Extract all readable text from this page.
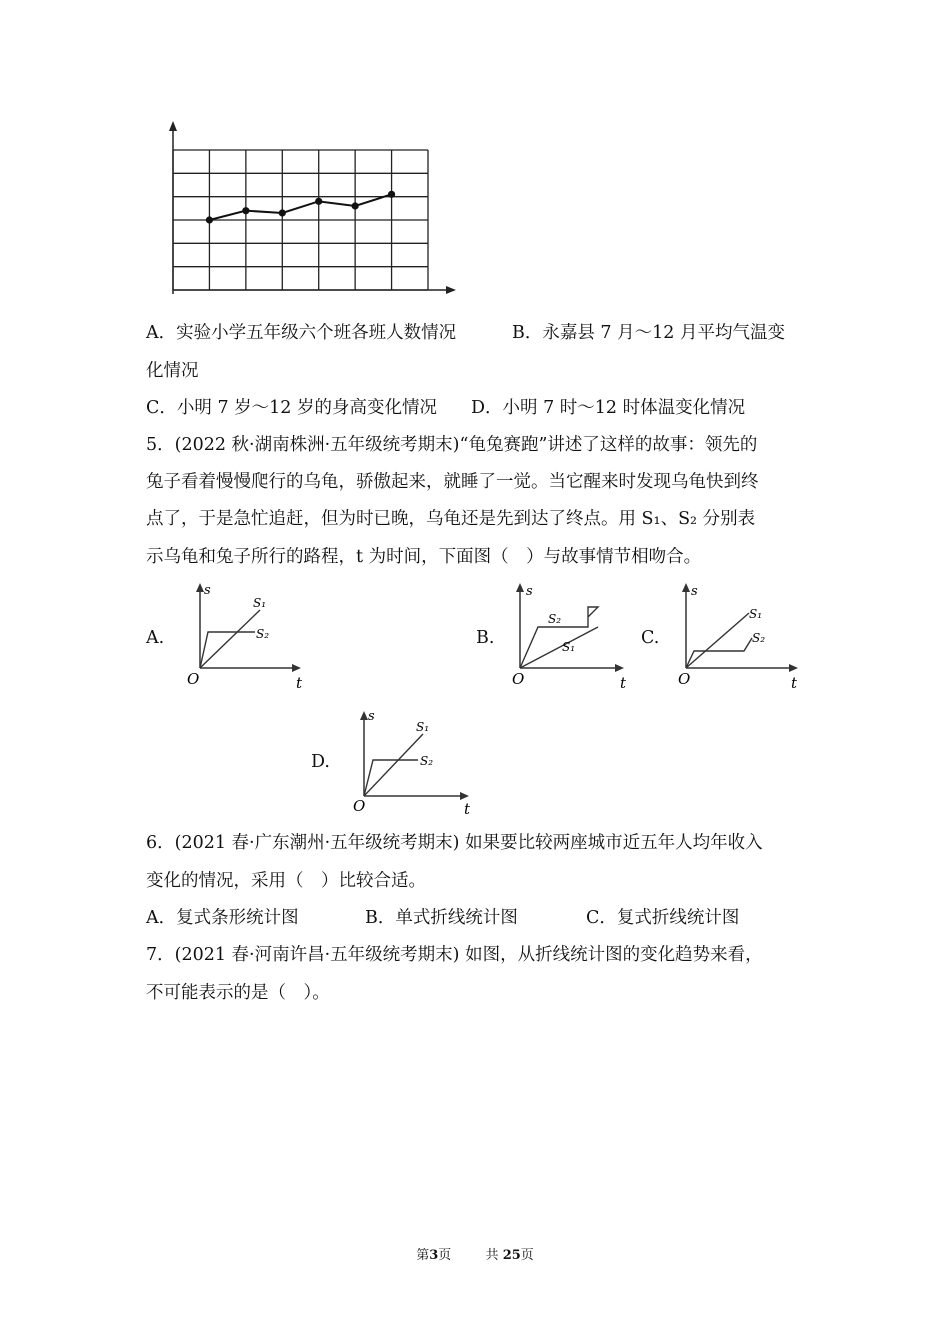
A．实验小学五年级六个班各班人数情况	B．永嘉县 7 月～12 月平均气温变
化情况
C．小明 7 岁～12 岁的身高变化情况 D．小明 7 时～12 时体温变化情况
5．(2022 秋·湖南株洲·五年级统考期末)“龟兔赛跑”讲述了这样的故事：领先的
兔子看着慢慢爬行的乌龟，骄傲起来，就睡了一觉。当它醒来时发现乌龟快到终
点了，于是急忙追赶，但为时已晚，乌龟还是先到达了终点。用 S₁、S₂ 分别表
示乌龟和兔子所行的路程，t 为时间，下面图（　）与故事情节相吻合。
A.
s
S₁
S₂
O	t
B.
s
S₂
S₁
O	t
C.
s
S₁
S₂
O	t
D.
s
S₁
S₂
O	t
6．(2021 春·广东潮州·五年级统考期末) 如果要比较两座城市近五年人均年收入
变化的情况，采用（　）比较合适。
A．复式条形统计图	B．单式折线统计图	C．复式折线统计图
7．(2021 春·河南许昌·五年级统考期末) 如图，从折线统计图的变化趋势来看，
不可能表示的是（　）。
第3页	共 25页
